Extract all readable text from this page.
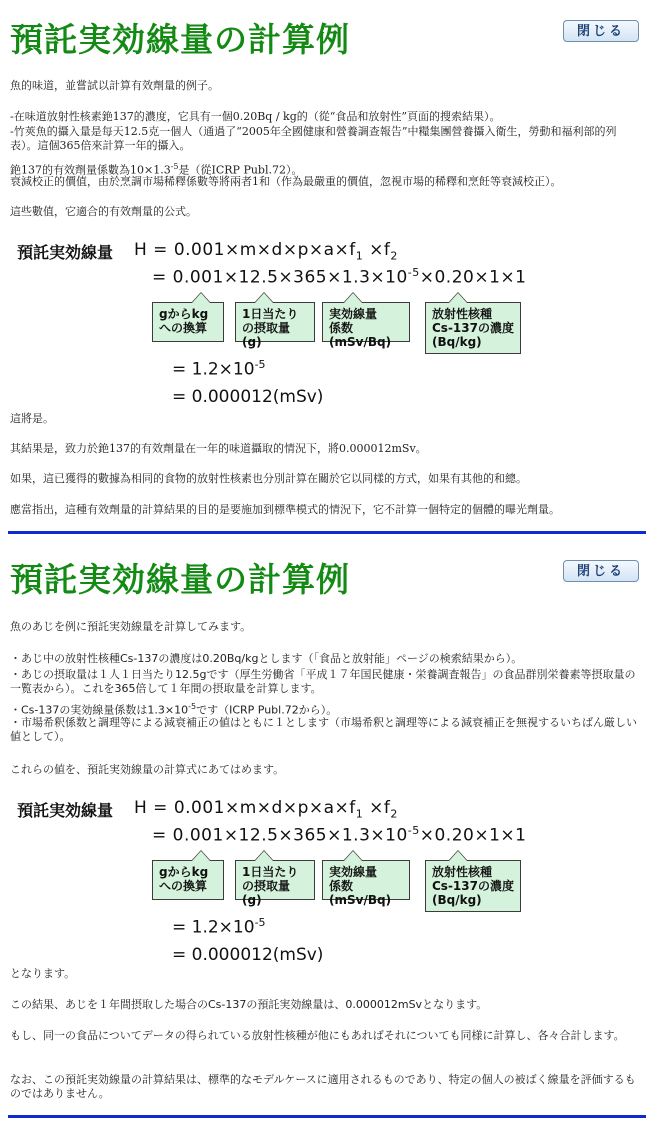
預託実効線量の計算例	閉じる

魚的味道，並嘗試以計算有效劑量的例子。

-在味道放射性核素銫137的濃度，它具有一個0.20Bq / kg的（從“食品和放射性”頁面的搜索結果）。

-竹莢魚的攝入量是每天12.5克一個人（通過了“2005年全國健康和營養調查報告”中糧集團營養攝入衛生，勞動和福利部的列表）。這個365倍來計算一年的攝入。

銫137的有效劑量係數為$10\times 1.3^{-5}$是（從ICRP Publ.72）。

衰減校正的價值，由於烹調市場稀釋係數等將兩者1和（作為最嚴重的價值，忽視市場的稀釋和烹飪等衰減校正）。

這些數值，它適合的有效劑量的公式。

預託実効線量 $H = 0.001\times m\times d\times p\times a\times f_1 \times f_2$
= $0.001\times 12.5\times 365\times 1.3\times 10^{-5}\times 0.20\times 1\times 1$
gからkg
への換算
1日当たり
の摂取量(g)
実効線量
係数(mSv/Bq)
放射性核種
Cs-137の濃度
(Bq/kg)
= $1.2\times 10^{-5}$
= 0.000012(mSv)

這將是。

其結果是，致力於銫137的有效劑量在一年的味道攝取的情況下，將0.000012mSv。

如果，這已獲得的數據為相同的食物的放射性核素也分別計算在關於它以同樣的方式，如果有其他的和總。

應當指出，這種有效劑量的計算結果的目的是要施加到標準模式的情況下，它不計算一個特定的個體的曝光劑量。

預託実効線量の計算例	閉じる

魚のあじを例に預託実効線量を計算してみます。

・あじ中の放射性核種Cs-137の濃度は0.20Bq/kgとします（「食品と放射能」ページの検索結果から）。

・あじの摂取量は１人１日当たり12.5gです（厚生労働省「平成１７年国民健康・栄養調査報告」の食品群別栄養素等摂取量の一覧表から）。これを365倍して１年間の摂取量を計算します。

・Cs-137の実効線量係数は$1.3\times 10^{-5}$です（ICRP Publ.72から）。

・市場希釈係数と調理等による減衰補正の値はともに１とします（市場希釈と調理等による減衰補正を無視するいちばん厳しい値として）。

これらの値を、預託実効線量の計算式にあてはめます。

預託実効線量 $H = 0.001\times m\times d\times p\times a\times f_1 \times f_2$
= $0.001\times 12.5\times 365\times 1.3\times 10^{-5}\times 0.20\times 1\times 1$
gからkg
への換算
1日当たり
の摂取量(g)
実効線量
係数(mSv/Bq)
放射性核種
Cs-137の濃度
(Bq/kg)
= $1.2\times 10^{-5}$
= 0.000012(mSv)

となります。

この結果、あじを１年間摂取した場合のCs-137の預託実効線量は、0.000012mSvとなります。

もし、同一の食品についてデータの得られている放射性核種が他にもあればそれについても同様に計算し、各々合計します。

なお、この預託実効線量の計算結果は、標準的なモデルケースに適用されるものであり、特定の個人の被ばく線量を評価するものではありません。
